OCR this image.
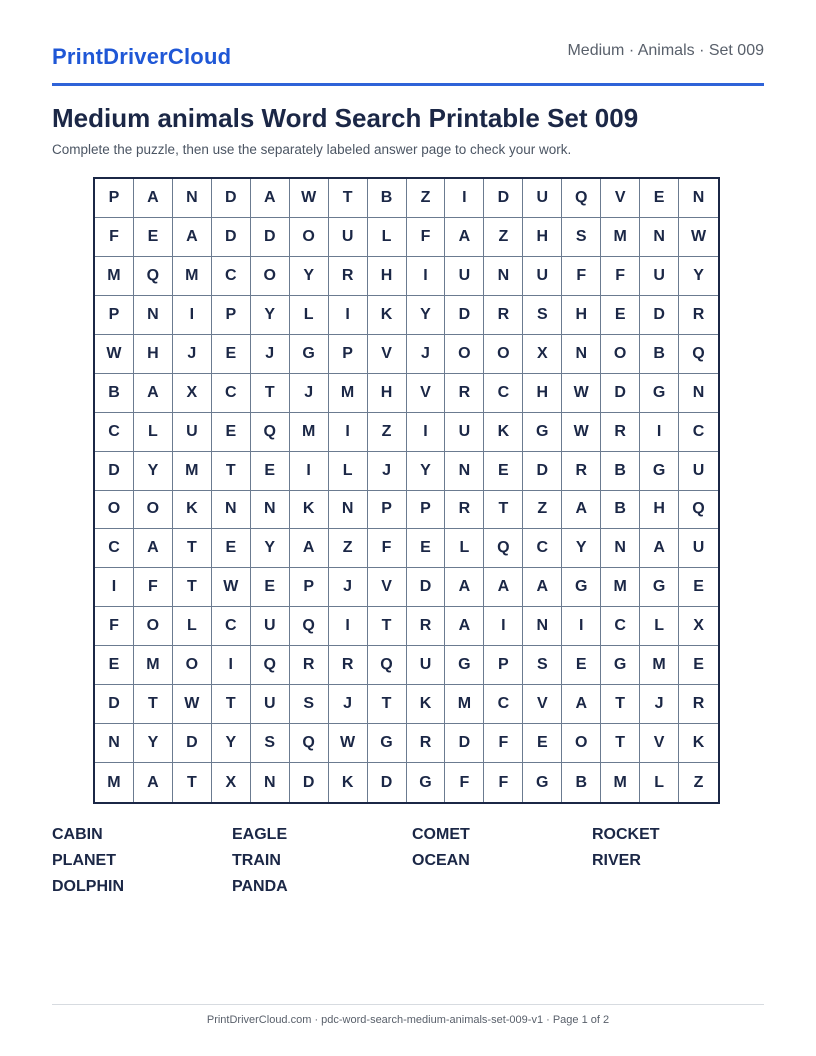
PrintDriverCloud	Medium · Animals · Set 009
Medium animals Word Search Printable Set 009
Complete the puzzle, then use the separately labeled answer page to check your work.
P	A	N	D	A	W	T	B	Z	I	D	U	Q	V	E	N
F	E	A	D	D	O	U	L	F	A	Z	H	S	M	N	W
M	Q	M	C	O	Y	R	H	I	U	N	U	F	F	U	Y
P	N	I	P	Y	L	I	K	Y	D	R	S	H	E	D	R
W	H	J	E	J	G	P	V	J	O	O	X	N	O	B	Q
B	A	X	C	T	J	M	H	V	R	C	H	W	D	G	N
C	L	U	E	Q	M	I	Z	I	U	K	G	W	R	I	C
D	Y	M	T	E	I	L	J	Y	N	E	D	R	B	G	U
O	O	K	N	N	K	N	P	P	R	T	Z	A	B	H	Q
C	A	T	E	Y	A	Z	F	E	L	Q	C	Y	N	A	U
I	F	T	W	E	P	J	V	D	A	A	A	G	M	G	E
F	O	L	C	U	Q	I	T	R	A	I	N	I	C	L	X
E	M	O	I	Q	R	R	Q	U	G	P	S	E	G	M	E
D	T	W	T	U	S	J	T	K	M	C	V	A	T	J	R
N	Y	D	Y	S	Q	W	G	R	D	F	E	O	T	V	K
M	A	T	X	N	D	K	D	G	F	F	G	B	M	L	Z
CABIN	EAGLE	COMET	ROCKET
PLANET	TRAIN	OCEAN	RIVER
DOLPHIN	PANDA
PrintDriverCloud.com · pdc-word-search-medium-animals-set-009-v1 · Page 1 of 2
